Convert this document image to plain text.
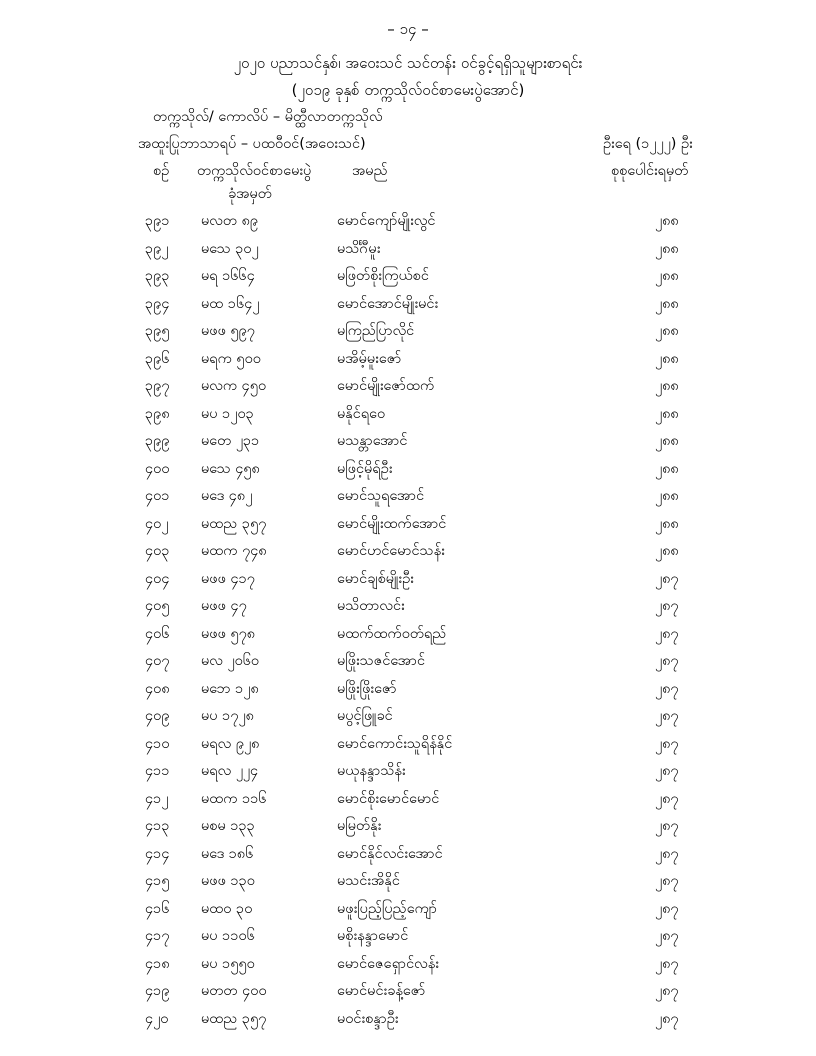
– ၁၄ –
၂၀၂၀ ပညာသင်နှစ်၊ အဝေးသင် သင်တန်း ဝင်ခွင့်ရရှိသူများစာရင်း
(၂၀၁၉ ခုနှစ် တက္ကသိုလ်ဝင်စာမေးပွဲအောင်)
တက္ကသိုလ်/ ကောလိပ် – မိတ္ထီလာတက္ကသိုလ်
အထူးပြုဘာသာရပ် – ပထဝီဝင်(အဝေးသင်)	ဦးရေ (၁၂၂၂) ဦး
စဉ် တက္ကသိုလ်ဝင်စာမေးပွဲ
ခုံအမှတ်
အမည်	စုစုပေါင်းရမှတ်
၃၉၁ မလတ ၈၉	မောင်ကျော်မျိုးလွင်	၂၈၈
၃၉၂ မသေ ၃၀၂	မသိင်္ဂီမူး	၂၈၈
၃၉၃ မရ ၁၆၆၄	မဖြတ်စိုးကြယ်စင်	၂၈၈
၃၉၄ မထ ၁၆၄၂	မောင်အောင်မျိုးမင်း	၂၈၈
၃၉၅ မဖဖ ၅၉၇	မကြည်ပြာလိုင်	၂၈၈
၃၉၆ မရက ၅၀၀	မအိမ့်မူးဇော်	၂၈၈
၃၉၇ မလက ၄၅၀	မောင်မျိုးဇော်ထက်	၂၈၈
၃၉၈ မပ ၁၂၀၃	မနိုင်ရဝေ	၂၈၈
၃၉၉ မတေ ၂၃၁	မသန္တာအောင်	၂၈၈
၄၀၀ မသေ ၄၅၈	မဖြင့်မိုရ်ဦး	၂၈၈
၄၀၁ မဒေ ၄၈၂	မောင်သူရအောင်	၂၈၈
၄၀၂ မထည ၃၅၇	မောင်မျိုးထက်အောင်	၂၈၈
၄၀၃ မထက ၇၄၈	မောင်ဟင်မောင်သန်း	၂၈၈
၄၀၄ မဖဖ ၄၁၇	မောင်ချစ်မျိုးဦး	၂၈၇
၄၀၅ မဖဖ ၄၇	မသိတာလင်း	၂၈၇
၄၀၆ မဖဖ ၅၇၈	မထက်ထက်ဝတ်ရည်	၂၈၇
၄၀၇ မလ ၂၀၆၀	မဖြိုးသဇင်အောင်	၂၈၇
၄၀၈ မဘေ ၁၂၈	မဖြိုးဖြိုးဇော်	၂၈၇
၄၀၉ မပ ၁၇၂၈	မပွင့်ဖြူခင်	၂၈၇
၄၁၀ မရလ ၉၂၈	မောင်ကောင်းသူရိန်နိုင်	၂၈၇
၄၁၁ မရလ ၂၂၄	မယုနန္ဒာသိန်း	၂၈၇
၄၁၂ မထက ၁၁၆	မောင်စိုးမောင်မောင်	၂၈၇
၄၁၃ မစမ ၁၃၃	မမြတ်နိုး	၂၈၇
၄၁၄ မဒေ ၁၈၆	မောင်နိုင်လင်းအောင်	၂၈၇
၄၁၅ မဖဖ ၁၃၀	မသင်းအိနိုင်	၂၈၇
၄၁၆ မထဝ ၃၀	မဖူးပြည့်ပြည့်ကျော်	၂၈၇
၄၁၇ မပ ၁၁၀၆	မစိုးနန္ဒာမောင်	၂၈၇
၄၁၈ မပ ၁၅၅၀	မောင်ဇေရှောင်လန်း	၂၈၇
၄၁၉ မတတ ၄၀၀	မောင်မင်းခန့်ဇော်	၂၈၇
၄၂၀ မထည ၃၅၇	မဝင်းစန္ဒာဦး	၂၈၇
